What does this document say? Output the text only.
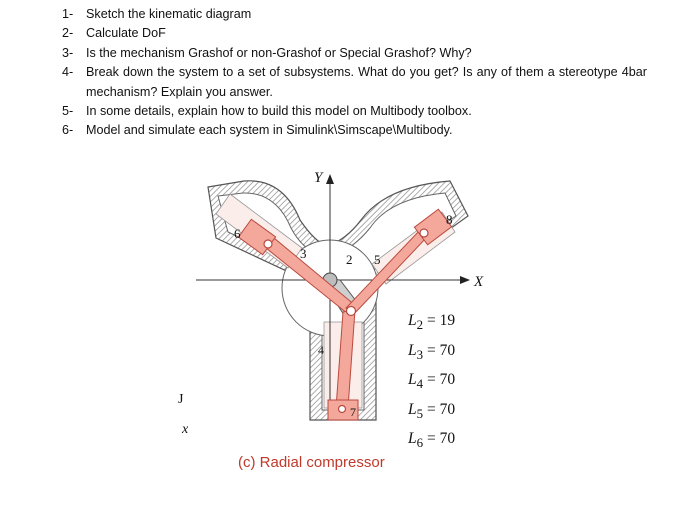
1-	Sketch the kinematic diagram
2-	Calculate DoF
3-	Is the mechanism Grashof or non-Grashof or Special Grashof? Why?
4-	Break down the system to a set of subsystems. What do you get? Is any of them a stereotype 4bar mechanism? Explain you answer.
5-	In some details, explain how to build this model on Multibody toolbox.
6-	Model and simulate each system in Simulink\Simscape\Multibody.
Y
X
6
3	2 5
8
4
7
$L_2 = 19$
$L_3 = 70$
$L_4 = 70$
$L_5 = 70$
$L_6 = 70$
(c) Radial compressor
J
x
